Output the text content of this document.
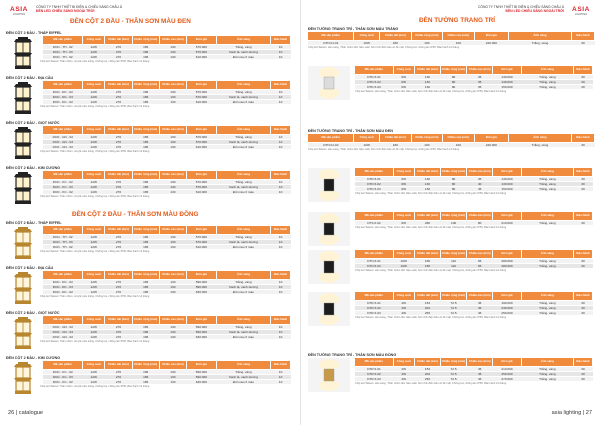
ASIA
LIGHTING
CÔNG TY TNHH THIẾT BỊ ĐIỆN & CHIẾU SÁNG CHÂU Á
ĐÈN LED CHIẾU SÁNG NGOÀI TRỜI
ĐÈN CỘT 2 ĐẦU - THÂN SƠN MÀU ĐEN
ĐÈN CỘT 2 ĐẦU - THÂN SƠN MÀU ĐỒNG
ĐÈN CỘT 2 ĐẦU - THÁP EIFFEL
Mã sản phẩm	Công suất	Chiều dài (mm)	Chiều rộng (mm)	Chiều cao (mm)	Đơn giá	Ánh sáng	Bảo hành
DCD - TH - 02	12W	270	165	130	570.000	Trắng, vàng	10
DCD - TH - 03	12W	270	165	130	570.000	Xanh lá, xanh dương	10
DCD - TH - 02	12W	270	165	130	610.000	Đổi màu 3 màu	10
Chip led Taiwan: Thân nhôm, Acrylic siêu trắng, Chống bụi, chống ẩm IP65, Bảo hành 12 tháng
ĐÈN CỘT 2 ĐẦU - ĐỊA CẦU
Mã sản phẩm	Công suất	Chiều dài (mm)	Chiều rộng (mm)	Chiều cao (mm)	Đơn giá	Ánh sáng	Bảo hành
DCD - DC - 02	12W	270	165	130	570.000	Trắng, vàng	10
DCD - DC - 03	12W	270	165	130	570.000	Xanh lá, xanh dương	10
DCD - DC - 02	12W	270	165	130	610.000	Đổi màu 3 màu	10
Chip led Taiwan: Thân nhôm, Acrylic siêu trắng, Chống bụi, chống ẩm IP65, Bảo hành 12 tháng
ĐÈN CỘT 2 ĐẦU - GIỌT NƯỚC
Mã sản phẩm	Công suất	Chiều dài (mm)	Chiều rộng (mm)	Chiều cao (mm)	Đơn giá	Ánh sáng	Bảo hành
DCD - GN - 02	12W	270	165	130	570.000	Trắng, vàng	10
DCD - GN - 03	12W	270	165	130	570.000	Xanh lá, xanh dương	10
DCD - GN - 02	12W	270	165	130	610.000	Đổi màu 3 màu	10
Chip led Taiwan: Thân nhôm, Acrylic siêu trắng, Chống bụi, chống ẩm IP65, Bảo hành 12 tháng
ĐÈN CỘT 2 ĐẦU - KIM CƯƠNG
Mã sản phẩm	Công suất	Chiều dài (mm)	Chiều rộng (mm)	Chiều cao (mm)	Đơn giá	Ánh sáng	Bảo hành
DCD - KC - 02	12W	270	165	130	570.000	Trắng, vàng	10
DCD - KC - 03	12W	270	165	130	570.000	Xanh lá, xanh dương	10
DCD - KC - 02	12W	270	165	130	610.000	Đổi màu 3 màu	10
Chip led Taiwan: Thân nhôm, Acrylic siêu trắng, Chống bụi, chống ẩm IP65, Bảo hành 12 tháng
ĐÈN CỘT 2 ĐẦU - THÁP EIFFEL
Mã sản phẩm	Công suất	Chiều dài (mm)	Chiều rộng (mm)	Chiều cao (mm)	Đơn giá	Ánh sáng	Bảo hành
DCD - TH - 02	12W	270	165	130	570.000	Trắng, vàng	10
DCD - TH - 03	12W	270	165	130	570.000	Xanh lá, xanh dương	10
DCD - TH - 02	12W	270	165	130	610.000	Đổi màu 3 màu	10
Chip led Taiwan: Thân nhôm, Acrylic siêu trắng, Chống bụi, chống ẩm IP65, Bảo hành 12 tháng
ĐÈN CỘT 2 ĐẦU - ĐỊA CẦU
Mã sản phẩm	Công suất	Chiều dài (mm)	Chiều rộng (mm)	Chiều cao (mm)	Đơn giá	Ánh sáng	Bảo hành
DCD - DC - 02	12W	270	165	130	590.000	Trắng, vàng	10
DCD - DC - 03	12W	270	165	130	590.000	Xanh lá, xanh dương	10
DCD - DC - 02	12W	270	165	130	630.000	Đổi màu 3 màu	10
Chip led Taiwan: Thân nhôm, Acrylic siêu trắng, Chống bụi, chống ẩm IP65, Bảo hành 12 tháng
ĐÈN CỘT 2 ĐẦU - GIỌT NƯỚC
Mã sản phẩm	Công suất	Chiều dài (mm)	Chiều rộng (mm)	Chiều cao (mm)	Đơn giá	Ánh sáng	Bảo hành
DCD - GN - 02	12W	270	165	130	590.000	Trắng, vàng	10
DCD - GN - 03	12W	270	165	130	590.000	Xanh lá, xanh dương	10
DCD - GN - 02	12W	270	165	130	630.000	Đổi màu 3 màu	10
Chip led Taiwan: Thân nhôm, Acrylic siêu trắng, Chống bụi, chống ẩm IP65, Bảo hành 12 tháng
ĐÈN CỘT 2 ĐẦU - KIM CƯƠNG
Mã sản phẩm	Công suất	Chiều dài (mm)	Chiều rộng (mm)	Chiều cao (mm)	Đơn giá	Ánh sáng	Bảo hành
DCD - KC - 02	12W	270	165	130	590.000	Trắng, vàng	10
DCD - KC - 03	12W	270	165	130	590.000	Xanh lá, xanh dương	10
DCD - KC - 02	12W	270	165	130	630.000	Đổi màu 3 màu	10
Chip led Taiwan: Thân nhôm, Acrylic siêu trắng, Chống bụi, chống ẩm IP65, Bảo hành 12 tháng
26 | catalogue
ASIA
LIGHTING
CÔNG TY TNHH THIẾT BỊ ĐIỆN & CHIẾU SÁNG CHÂU Á
ĐÈN LED CHIẾU SÁNG NGOÀI TRỜI
ĐÈN TƯỜNG TRANG TRÍ
ĐÈN TƯỜNG TRANG TRÍ - THÂN SƠN MÀU TRẮNG
Mã sản phẩm	Công suất	Chiều dài (mm)	Chiều rộng (mm)	Chiều cao (mm)	Đơn giá	Ánh sáng	Bảo hành
DTN 01-01	10W	180	100	100	240.000	Trắng, vàng	30
Chip led Taiwan: siêu sáng, Thân nhôm đúc hiệu suất, Sơn tĩnh điện bảo vệ bề mặt, Chống bụi, chống ẩm IP65, Bảo hành 12 tháng
Mã sản phẩm	Công suất	Chiều dài (mm)	Chiều rộng (mm)	Chiều cao (mm)	Đơn giá	Ánh sáng	Bảo hành
DTD 6-01	6W	130	80	35	130.000	Trắng, vàng	30
DTD 6-02	6W	130	80	35	130.000	Trắng, vàng	30
DTD 6-03	6W	130	80	35	150.000	Trắng, vàng	30
Chip led Taiwan: siêu sáng, Thân nhôm đúc hiệu suất, Sơn tĩnh điện bảo vệ bề mặt, Chống bụi, chống ẩm IP65, Bảo hành 12 tháng
ĐÈN TƯỜNG TRANG TRÍ - THÂN SƠN MÀU ĐEN
Mã sản phẩm	Công suất	Chiều dài (mm)	Chiều rộng (mm)	Chiều cao (mm)	Đơn giá	Ánh sáng	Bảo hành
DTN 01-02	10W	180	100	100	240.000	Trắng, vàng	30
Chip led Taiwan: siêu sáng, Thân nhôm đúc hiệu suất, Sơn tĩnh điện bảo vệ bề mặt, Chống bụi, chống ẩm IP65, Bảo hành 12 tháng
Mã sản phẩm	Công suất	Chiều dài (mm)	Chiều rộng (mm)	Chiều cao (mm)	Đơn giá	Ánh sáng	Bảo hành
DTD 6-01	6W	130	80	35	130.000	Trắng, vàng	30
DTD 6-02	6W	130	80	40	130.000	Trắng, vàng	30
DTD 6-03	6W	130	80	45	150.000	Trắng, vàng	30
Chip led Taiwan: siêu sáng, Thân nhôm đúc hiệu suất, Sơn tĩnh điện bảo vệ bề mặt, Chống bụi, chống ẩm IP65, Bảo hành 12 tháng
Mã sản phẩm	Công suất	Chiều dài (mm)	Chiều rộng (mm)	Chiều cao (mm)	Đơn giá	Ánh sáng	Bảo hành
DTS 6-02	6W	280	100	80	210.000	Trắng, vàng	30
Chip led Taiwan: siêu sáng, Thân nhôm đúc hiệu suất, Sơn tĩnh điện bảo vệ bề mặt, Chống bụi, chống ẩm IP65, Bảo hành 12 tháng
Mã sản phẩm	Công suất	Chiều dài (mm)	Chiều rộng (mm)	Chiều cao (mm)	Đơn giá	Ánh sáng	Bảo hành
DTN 6-01	10W	165	110	65	280.000	Trắng, vàng	30
DTN 6-02	10W	165	110	65	280.000	Trắng, vàng	30
Chip led Taiwan: siêu sáng, Thân nhôm đúc hiệu suất, Sơn tĩnh điện bảo vệ bề mặt, Chống bụi, chống ẩm IP65, Bảo hành 12 tháng
Mã sản phẩm	Công suất	Chiều dài (mm)	Chiều rộng (mm)	Chiều cao (mm)	Đơn giá	Ánh sáng	Bảo hành
DTR 6-01	4W	153	72.5	45	190.000	Trắng, vàng	30
DTR 6-02	4W	204	72.5	45	230.000	Trắng, vàng	30
DTR 6-03	4W	253	72.5	45	250.000	Trắng, vàng	30
Chip led Taiwan: siêu sáng, Thân nhôm đúc hiệu suất, Sơn tĩnh điện bảo vệ bề mặt, Chống bụi, chống ẩm IP65, Bảo hành 12 tháng
ĐÈN TƯỜNG TRANG TRÍ - THÂN SƠN MÀU ĐỒNG
Mã sản phẩm	Công suất	Chiều dài (mm)	Chiều rộng (mm)	Chiều cao (mm)	Đơn giá	Ánh sáng	Bảo hành
DTR 6-01	4W	153	72.5	45	210.000	Trắng, vàng	30
DTR 6-02	4W	204	72.5	45	250.000	Trắng, vàng	30
DTR 6-03	4W	253	72.5	45	270.000	Trắng, vàng	30
Chip led Taiwan: siêu sáng, Thân nhôm đúc hiệu suất, Sơn tĩnh điện bảo vệ bề mặt, Chống bụi, chống ẩm IP65, Bảo hành 12 tháng
asia lighting | 27
